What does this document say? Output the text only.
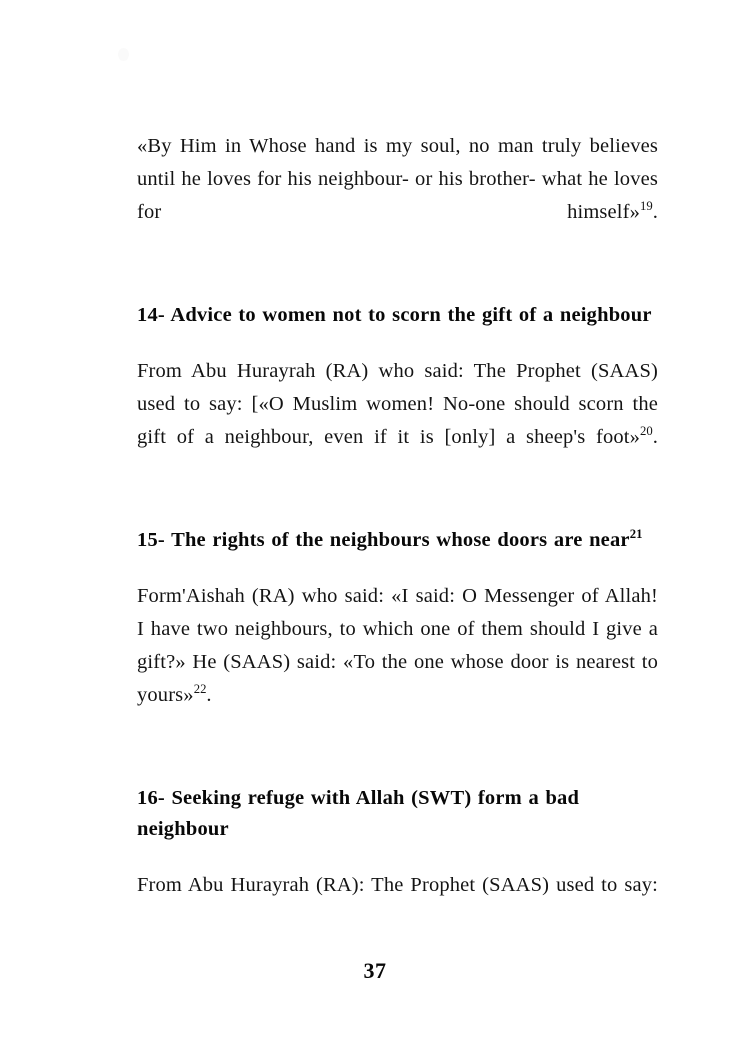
«By Him in Whose hand is my soul, no man truly believes until he loves for his neighbour- or his brother- what he loves for himself»$^{19}$.

14- Advice to women not to scorn the gift of a neighbour

From Abu Hurayrah (RA) who said: The Prophet (SAAS) used to say: [«O Muslim women! No-one should scorn the gift of a neighbour, even if it is [only] a sheep's foot»$^{20}$.

15- The rights of the neighbours whose doors are near$^{21}$

Form'Aishah (RA) who said: «I said: O Messenger of Allah! I have two neighbours, to which one of them should I give a gift?» He (SAAS) said: «To the one whose door is nearest to yours»$^{22}$.

16- Seeking refuge with Allah (SWT) form a bad neighbour

From Abu Hurayrah (RA): The Prophet (SAAS) used to say:

37
